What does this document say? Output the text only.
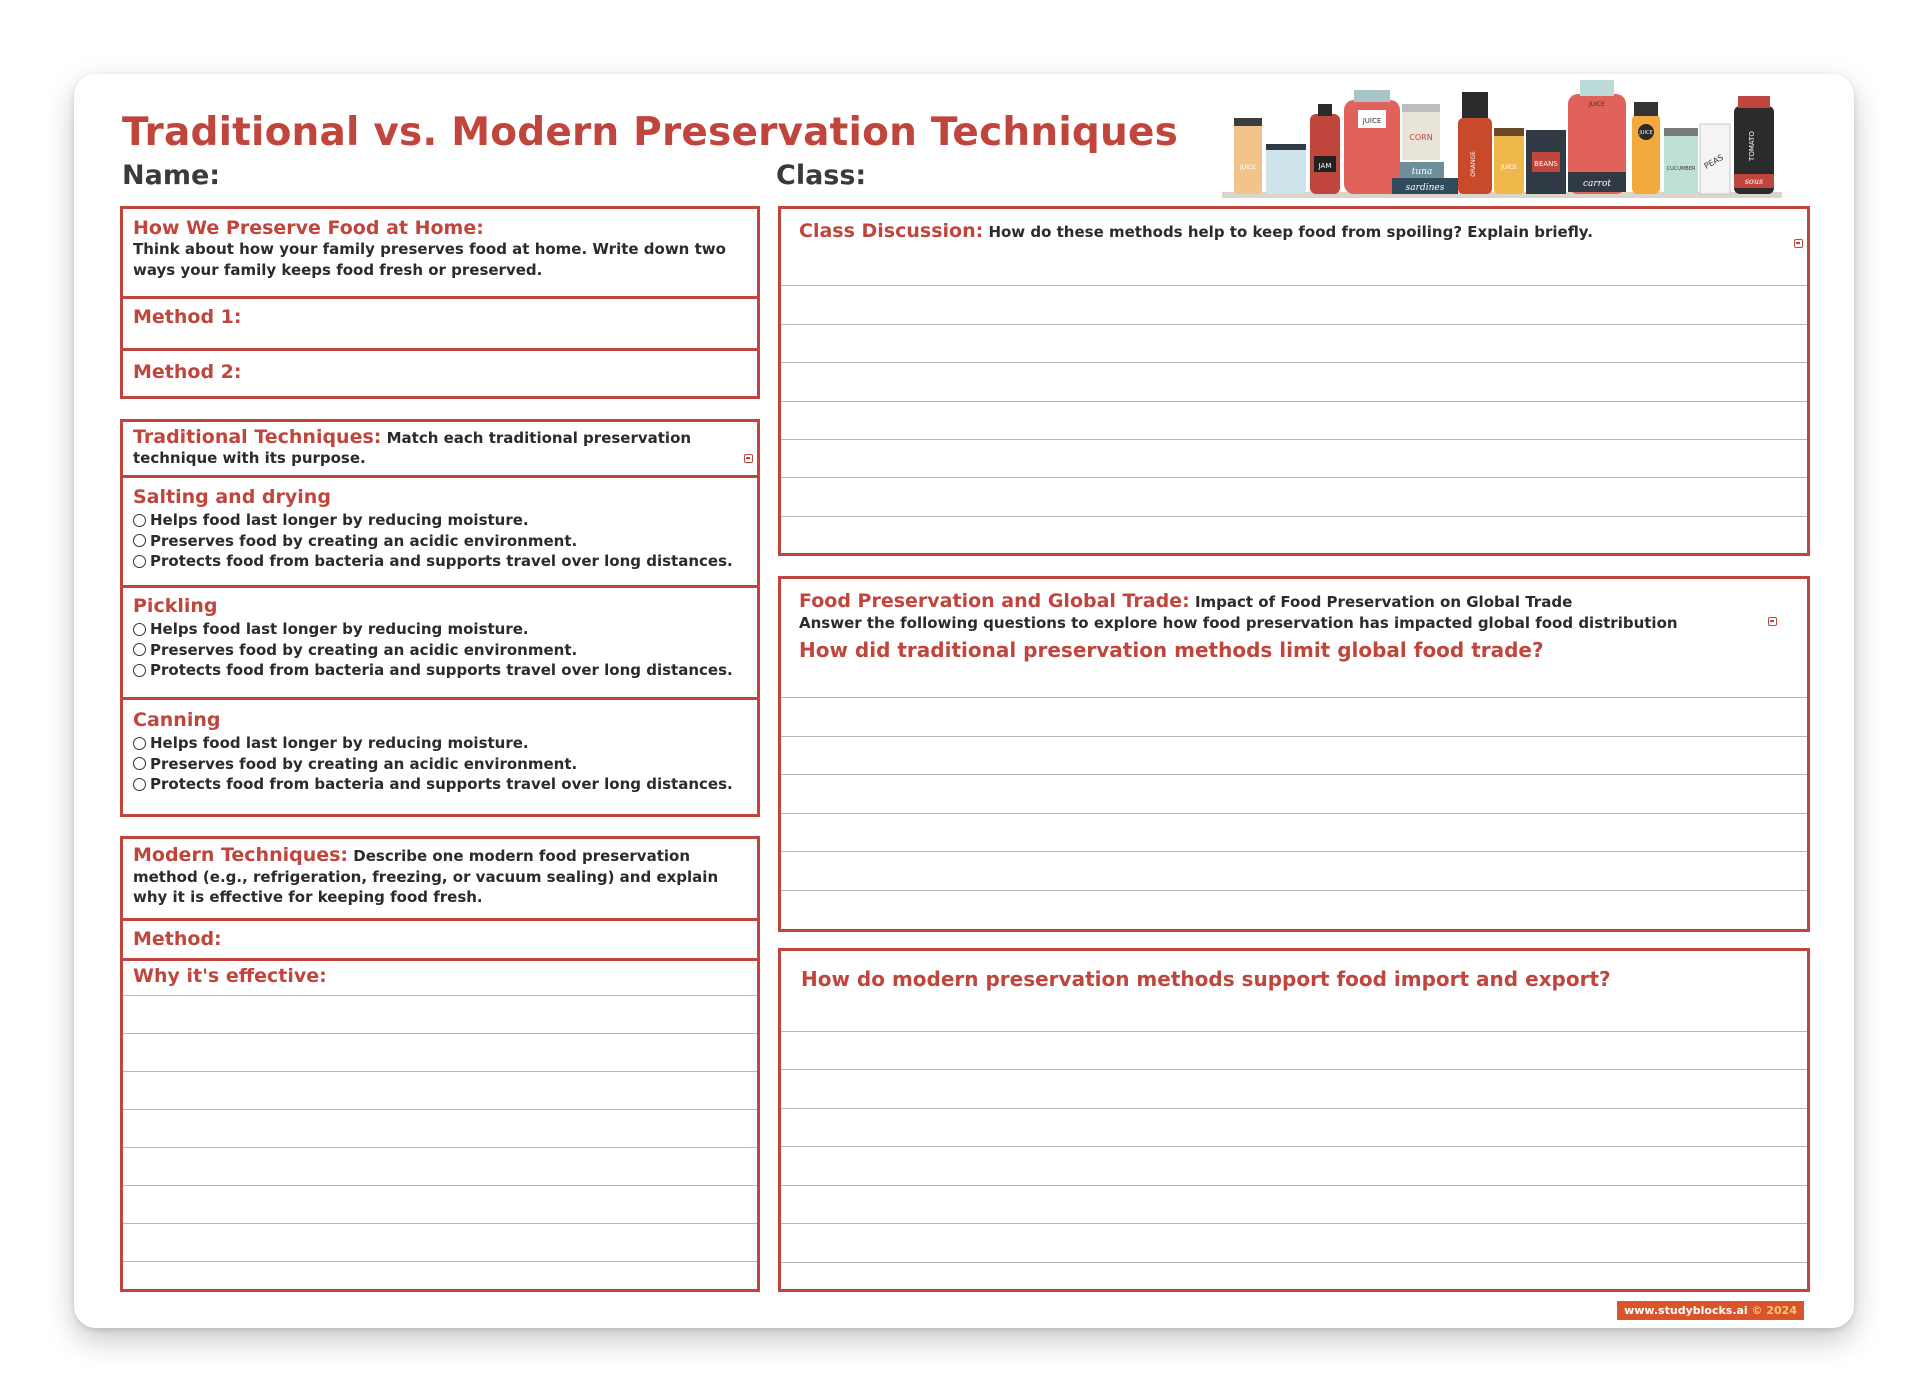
Traditional vs. Modern Preservation Techniques
Name:	Class:	JUICE	JAM
JUICE
CORN
tuna
sardines
ORANGE	JUICE BEANS
carrot
JUICE
JUICE
CUCUMBER PEAS
sous
TOMATO
How We Preserve Food at Home:
Think about how your family preserves food at home. Write down two ways your family keeps food fresh or preserved.
Method 1:
Method 2:
Traditional Techniques: Match each traditional preservation technique with its purpose.
Salting and drying
Helps food last longer by reducing moisture.
Preserves food by creating an acidic environment.
Protects food from bacteria and supports travel over long distances.
Pickling
Helps food last longer by reducing moisture.
Preserves food by creating an acidic environment.
Protects food from bacteria and supports travel over long distances.
Canning
Helps food last longer by reducing moisture.
Preserves food by creating an acidic environment.
Protects food from bacteria and supports travel over long distances.
Modern Techniques: Describe one modern food preservation method (e.g., refrigeration, freezing, or vacuum sealing) and explain why it is effective for keeping food fresh.
Method:
Why it's effective:
Class Discussion: How do these methods help to keep food from spoiling? Explain briefly.
Food Preservation and Global Trade: Impact of Food Preservation on Global Trade
Answer the following questions to explore how food preservation has impacted global food distribution
How did traditional preservation methods limit global food trade?
How do modern preservation methods support food import and export?
www.studyblocks.ai © 2024
